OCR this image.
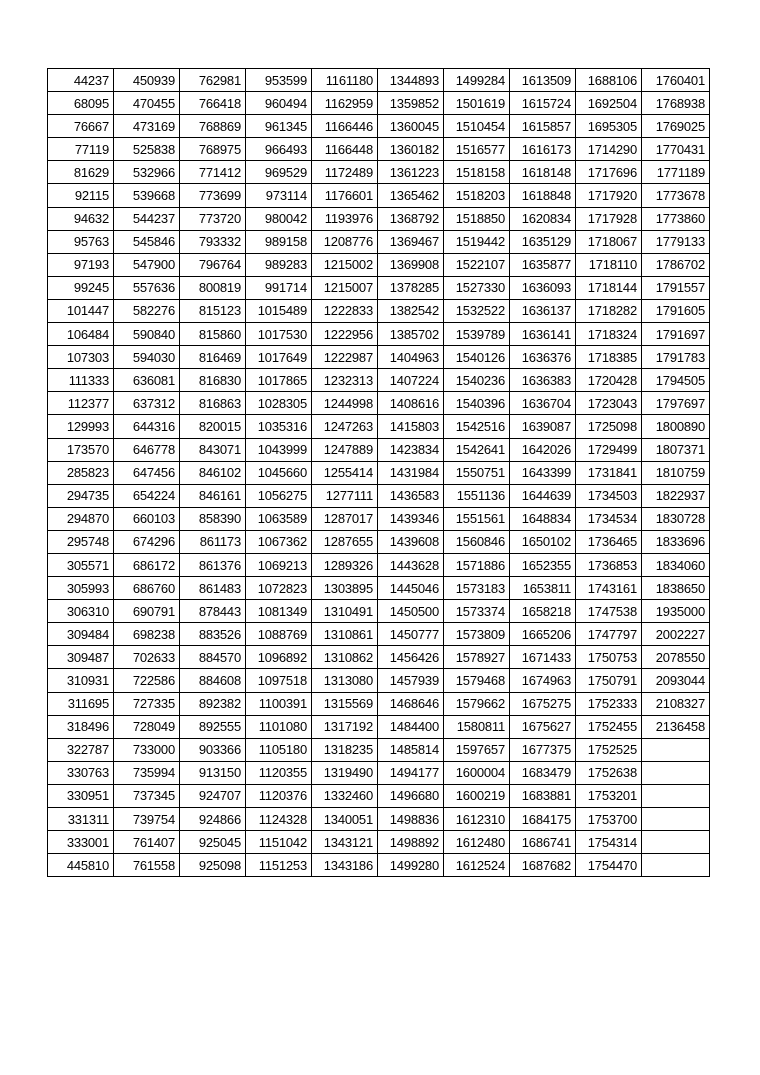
44237	450939	762981	953599	1161180	1344893	1499284	1613509	1688106	1760401
68095	470455	766418	960494	1162959	1359852	1501619	1615724	1692504	1768938
76667	473169	768869	961345	1166446	1360045	1510454	1615857	1695305	1769025
77119	525838	768975	966493	1166448	1360182	1516577	1616173	1714290	1770431
81629	532966	771412	969529	1172489	1361223	1518158	1618148	1717696	1771189
92115	539668	773699	973114	1176601	1365462	1518203	1618848	1717920	1773678
94632	544237	773720	980042	1193976	1368792	1518850	1620834	1717928	1773860
95763	545846	793332	989158	1208776	1369467	1519442	1635129	1718067	1779133
97193	547900	796764	989283	1215002	1369908	1522107	1635877	1718110	1786702
99245	557636	800819	991714	1215007	1378285	1527330	1636093	1718144	1791557
101447	582276	815123	1015489	1222833	1382542	1532522	1636137	1718282	1791605
106484	590840	815860	1017530	1222956	1385702	1539789	1636141	1718324	1791697
107303	594030	816469	1017649	1222987	1404963	1540126	1636376	1718385	1791783
111333	636081	816830	1017865	1232313	1407224	1540236	1636383	1720428	1794505
112377	637312	816863	1028305	1244998	1408616	1540396	1636704	1723043	1797697
129993	644316	820015	1035316	1247263	1415803	1542516	1639087	1725098	1800890
173570	646778	843071	1043999	1247889	1423834	1542641	1642026	1729499	1807371
285823	647456	846102	1045660	1255414	1431984	1550751	1643399	1731841	1810759
294735	654224	846161	1056275	1277111	1436583	1551136	1644639	1734503	1822937
294870	660103	858390	1063589	1287017	1439346	1551561	1648834	1734534	1830728
295748	674296	861173	1067362	1287655	1439608	1560846	1650102	1736465	1833696
305571	686172	861376	1069213	1289326	1443628	1571886	1652355	1736853	1834060
305993	686760	861483	1072823	1303895	1445046	1573183	1653811	1743161	1838650
306310	690791	878443	1081349	1310491	1450500	1573374	1658218	1747538	1935000
309484	698238	883526	1088769	1310861	1450777	1573809	1665206	1747797	2002227
309487	702633	884570	1096892	1310862	1456426	1578927	1671433	1750753	2078550
310931	722586	884608	1097518	1313080	1457939	1579468	1674963	1750791	2093044
311695	727335	892382	1100391	1315569	1468646	1579662	1675275	1752333	2108327
318496	728049	892555	1101080	1317192	1484400	1580811	1675627	1752455	2136458
322787	733000	903366	1105180	1318235	1485814	1597657	1677375	1752525	
330763	735994	913150	1120355	1319490	1494177	1600004	1683479	1752638	
330951	737345	924707	1120376	1332460	1496680	1600219	1683881	1753201	
331311	739754	924866	1124328	1340051	1498836	1612310	1684175	1753700	
333001	761407	925045	1151042	1343121	1498892	1612480	1686741	1754314	
445810	761558	925098	1151253	1343186	1499280	1612524	1687682	1754470	
